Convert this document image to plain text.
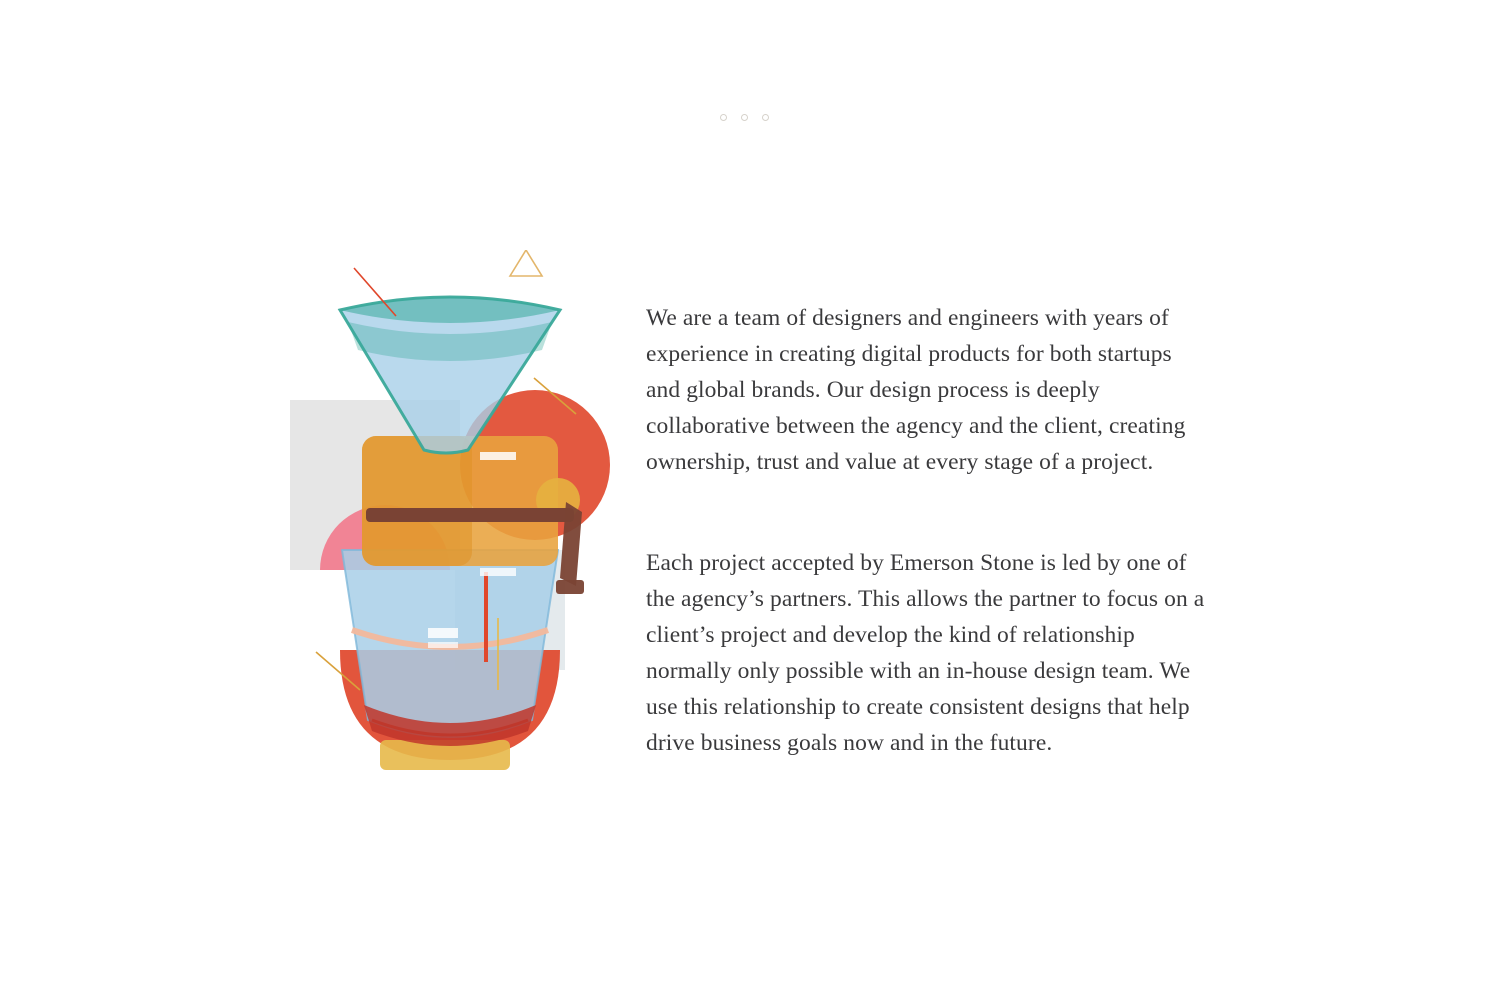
We are a team of designers and engineers with years of experience in creating digital products for both startups and global brands. Our design process is deeply collaborative between the agency and the client, creating ownership, trust and value at every stage of a project.

Each project accepted by Emerson Stone is led by one of the agency’s partners. This allows the partner to focus on a client’s project and develop the kind of relationship normally only possible with an in-house design team. We use this relationship to create consistent designs that help drive business goals now and in the future.
